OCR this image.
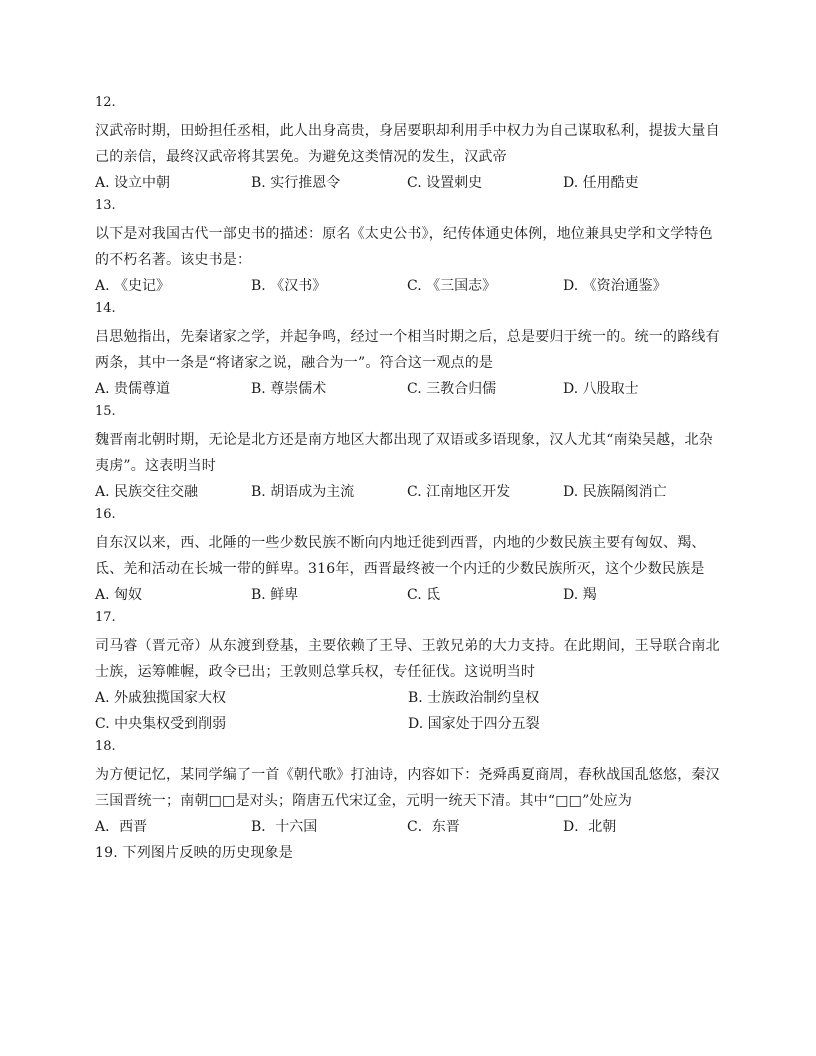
12.
汉武帝时期，田蚡担任丞相，此人出身高贵，身居要职却利用手中权力为自己谋取私利，提拔大量自己的亲信，最终汉武帝将其罢免。为避免这类情况的发生，汉武帝
A. 设立中朝	B. 实行推恩令	C. 设置刺史	D. 任用酷吏
13.
以下是对我国古代一部史书的描述：原名《太史公书》，纪传体通史体例，地位兼具史学和文学特色的不朽名著。该史书是：
A. 《史记》	B. 《汉书》	C. 《三国志》	D. 《资治通鉴》
14.
吕思勉指出，先秦诸家之学，并起争鸣，经过一个相当时期之后，总是要归于统一的。统一的路线有两条，其中一条是“将诸家之说，融合为一”。符合这一观点的是
A. 贵儒尊道	B. 尊崇儒术	C. 三教合归儒	D. 八股取士
15.
魏晋南北朝时期，无论是北方还是南方地区大都出现了双语或多语现象，汉人尤其“南染吴越，北杂夷虏”。这表明当时
A. 民族交往交融	B. 胡语成为主流	C. 江南地区开发	D. 民族隔阂消亡
16.
自东汉以来，西、北陲的一些少数民族不断向内地迁徙到西晋，内地的少数民族主要有匈奴、羯、氐、羌和活动在长城一带的鲜卑。316年，西晋最终被一个内迁的少数民族所灭，这个少数民族是
A. 匈奴	B. 鲜卑	C. 氐	D. 羯
17.
司马睿（晋元帝）从东渡到登基，主要依赖了王导、王敦兄弟的大力支持。在此期间，王导联合南北士族，运筹帷幄，政令已出；王敦则总掌兵权，专任征伐。这说明当时
A. 外戚独揽国家大权	B. 士族政治制约皇权
C. 中央集权受到削弱	D. 国家处于四分五裂
18.
为方便记忆，某同学编了一首《朝代歌》打油诗，内容如下：尧舜禹夏商周，春秋战国乱悠悠，秦汉三国晋统一；南朝□□是对头；隋唐五代宋辽金，元明一统天下清。其中“□□”处应为
A．西晋	B．十六国	C．东晋	D．北朝
19. 下列图片反映的历史现象是
